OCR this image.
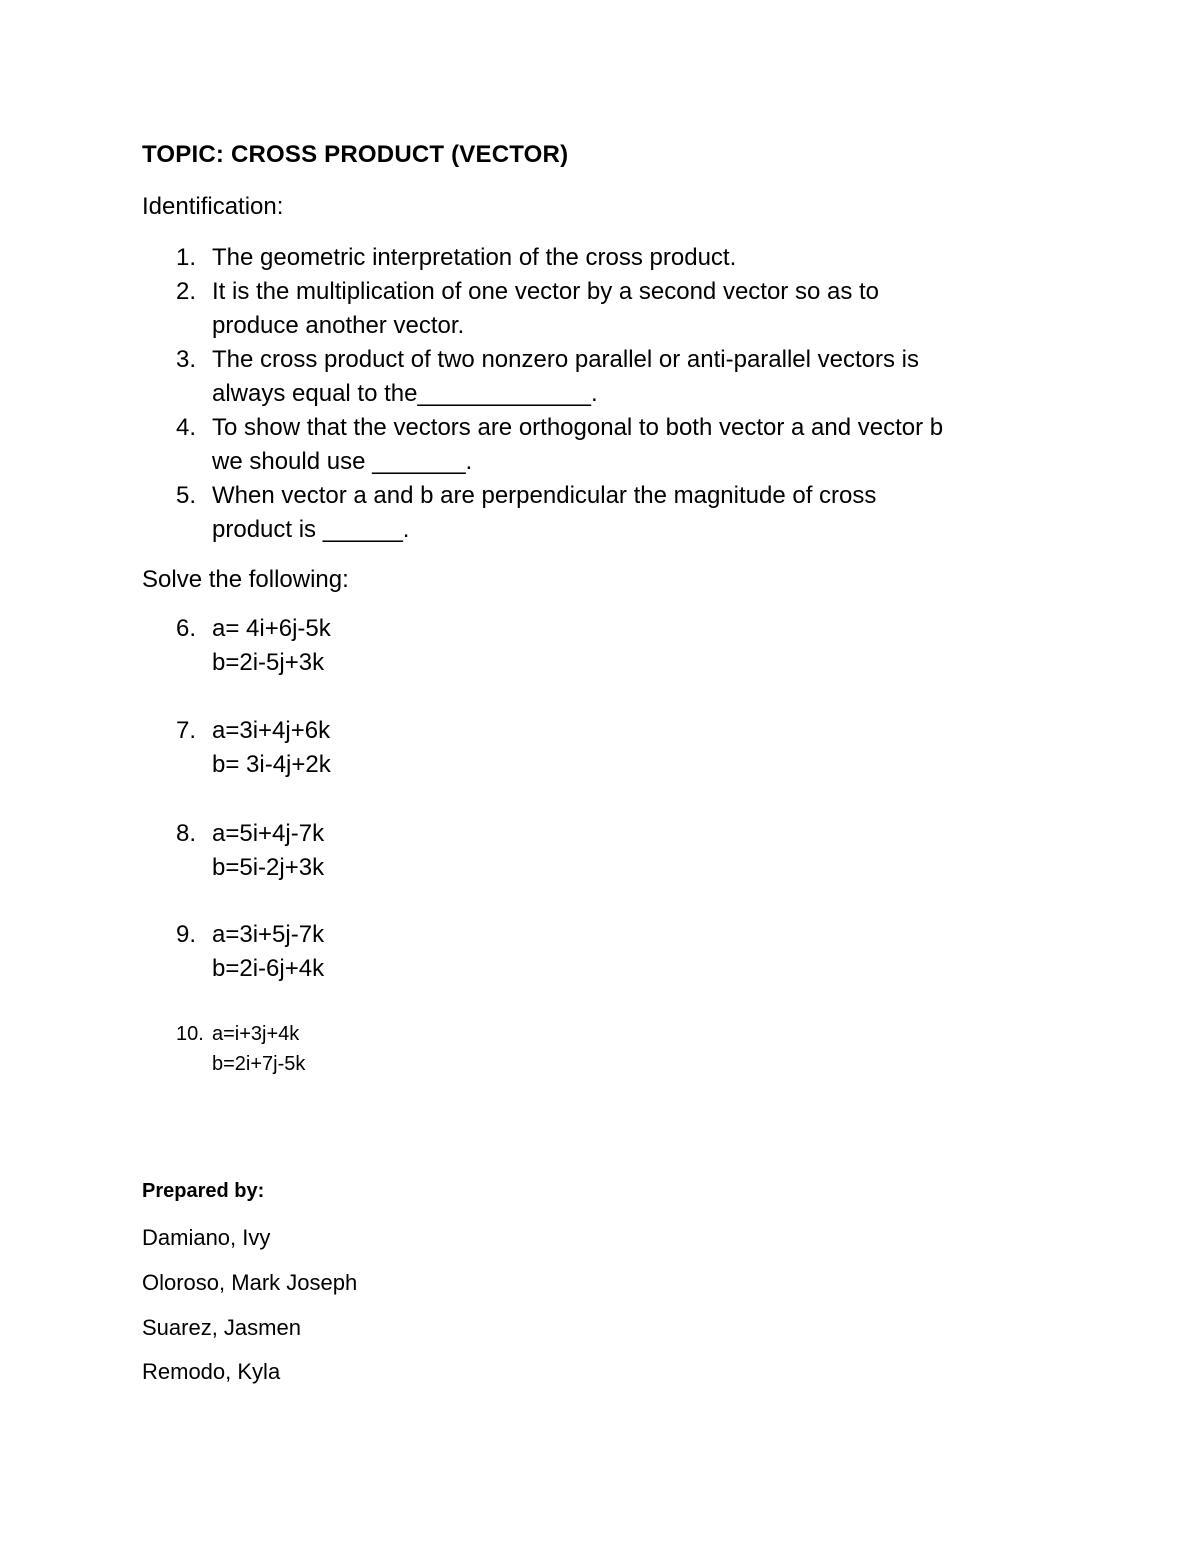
TOPIC: CROSS PRODUCT (VECTOR)
Identification:
1. The geometric interpretation of the cross product.
2. It is the multiplication of one vector by a second vector so as to
produce another vector.
3. The cross product of two nonzero parallel or anti-parallel vectors is
always equal to the_____________.
4. To show that the vectors are orthogonal to both vector a and vector b
we should use _______.
5. When vector a and b are perpendicular the magnitude of cross
product is ______.
Solve the following:
6. a= 4i+6j-5k
b=2i-5j+3k
7. a=3i+4j+6k
b= 3i-4j+2k
8. a=5i+4j-7k
b=5i-2j+3k
9. a=3i+5j-7k
b=2i-6j+4k
10. a=i+3j+4k
b=2i+7j-5k
Prepared by:
Damiano, Ivy
Oloroso, Mark Joseph
Suarez, Jasmen
Remodo, Kyla
